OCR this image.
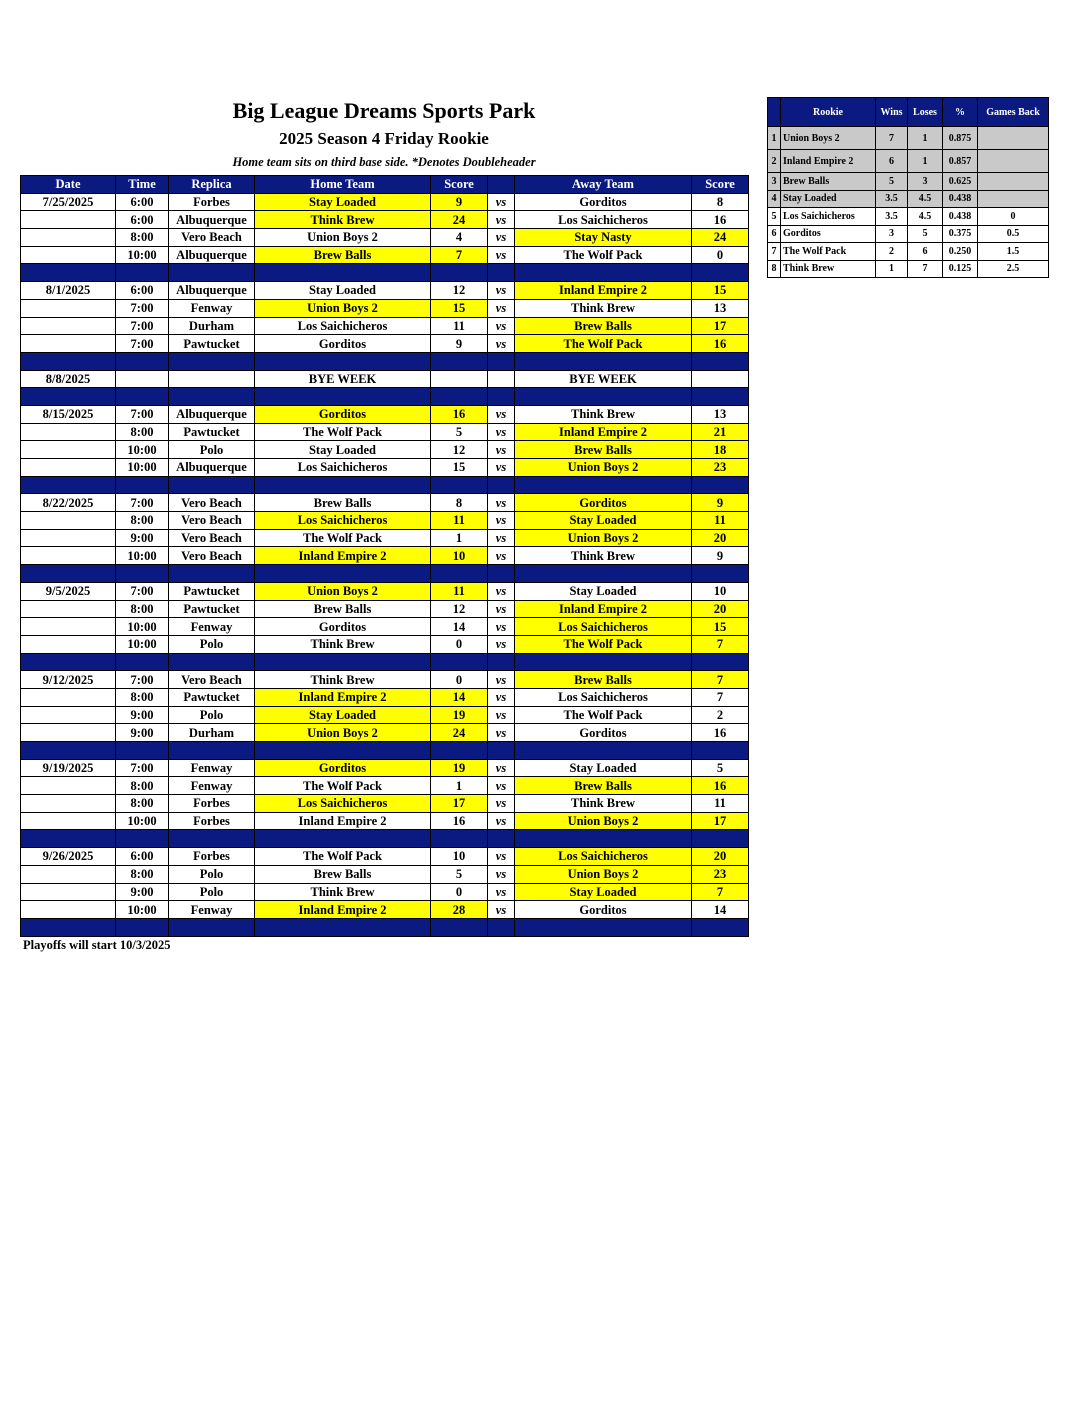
Big League Dreams Sports Park
2025 Season 4 Friday Rookie
Home team sits on third base side. *Denotes Doubleheader
Date	Time	Replica	Home Team	Score		Away Team	Score
7/25/2025	6:00	Forbes	Stay Loaded	9	vs	Gorditos	8
	6:00	Albuquerque	Think Brew	24	vs	Los Saichicheros	16
	8:00	Vero Beach	Union Boys 2	4	vs	Stay Nasty	24
	10:00	Albuquerque	Brew Balls	7	vs	The Wolf Pack	0

8/1/2025	6:00	Albuquerque	Stay Loaded	12	vs	Inland Empire 2	15
	7:00	Fenway	Union Boys 2	15	vs	Think Brew	13
	7:00	Durham	Los Saichicheros	11	vs	Brew Balls	17
	7:00	Pawtucket	Gorditos	9	vs	The Wolf Pack	16

8/8/2025			BYE WEEK			BYE WEEK	

8/15/2025	7:00	Albuquerque	Gorditos	16	vs	Think Brew	13
	8:00	Pawtucket	The Wolf Pack	5	vs	Inland Empire 2	21
	10:00	Polo	Stay Loaded	12	vs	Brew Balls	18
	10:00	Albuquerque	Los Saichicheros	15	vs	Union Boys 2	23

8/22/2025	7:00	Vero Beach	Brew Balls	8	vs	Gorditos	9
	8:00	Vero Beach	Los Saichicheros	11	vs	Stay Loaded	11
	9:00	Vero Beach	The Wolf Pack	1	vs	Union Boys 2	20
	10:00	Vero Beach	Inland Empire 2	10	vs	Think Brew	9

9/5/2025	7:00	Pawtucket	Union Boys 2	11	vs	Stay Loaded	10
	8:00	Pawtucket	Brew Balls	12	vs	Inland Empire 2	20
	10:00	Fenway	Gorditos	14	vs	Los Saichicheros	15
	10:00	Polo	Think Brew	0	vs	The Wolf Pack	7

9/12/2025	7:00	Vero Beach	Think Brew	0	vs	Brew Balls	7
	8:00	Pawtucket	Inland Empire 2	14	vs	Los Saichicheros	7
	9:00	Polo	Stay Loaded	19	vs	The Wolf Pack	2
	9:00	Durham	Union Boys 2	24	vs	Gorditos	16

9/19/2025	7:00	Fenway	Gorditos	19	vs	Stay Loaded	5
	8:00	Fenway	The Wolf Pack	1	vs	Brew Balls	16
	8:00	Forbes	Los Saichicheros	17	vs	Think Brew	11
	10:00	Forbes	Inland Empire 2	16	vs	Union Boys 2	17

9/26/2025	6:00	Forbes	The Wolf Pack	10	vs	Los Saichicheros	20
	8:00	Polo	Brew Balls	5	vs	Union Boys 2	23
	9:00	Polo	Think Brew	0	vs	Stay Loaded	7
	10:00	Fenway	Inland Empire 2	28	vs	Gorditos	14

Playoffs will start 10/3/2025
	Rookie	Wins	Loses	%	Games Back
1	Union Boys 2	7	1	0.875	
2	Inland Empire 2	6	1	0.857	
3	Brew Balls	5	3	0.625	
4	Stay Loaded	3.5	4.5	0.438	
5	Los Saichicheros	3.5	4.5	0.438	0
6	Gorditos	3	5	0.375	0.5
7	The Wolf Pack	2	6	0.250	1.5
8	Think Brew	1	7	0.125	2.5
